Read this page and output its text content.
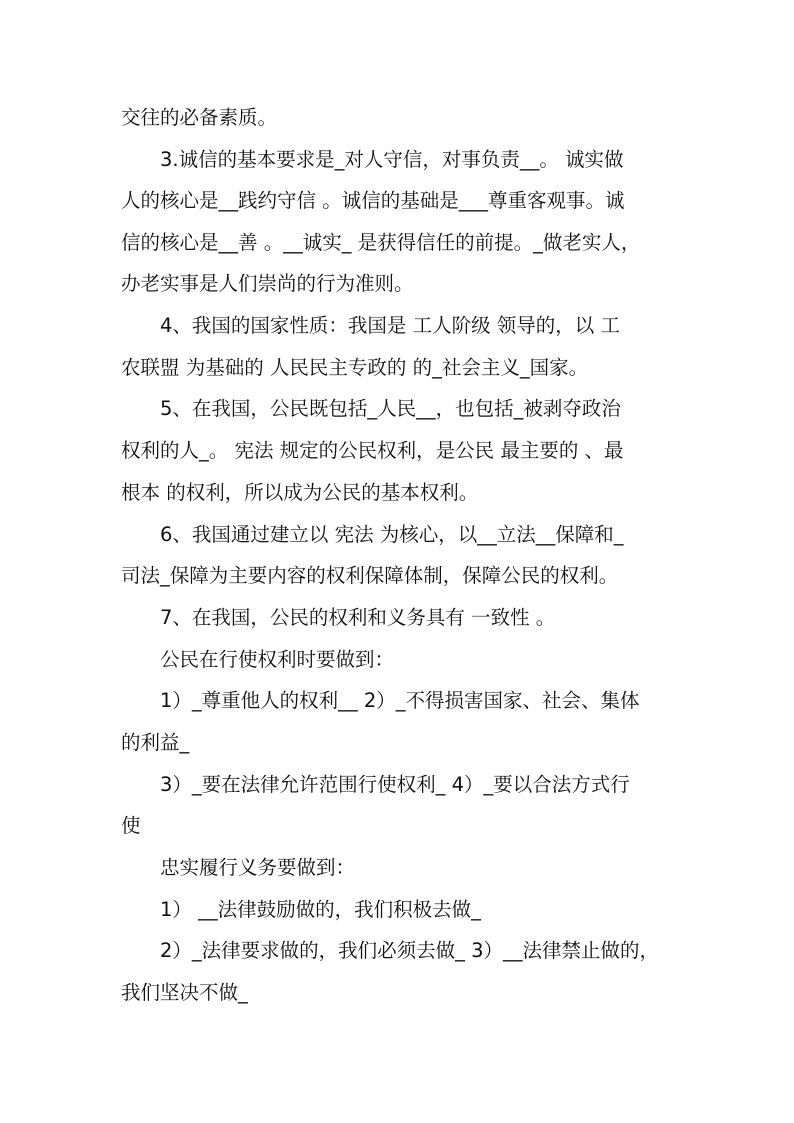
交往的必备素质。
3.诚信的基本要求是_对人守信，对事负责__。 诚实做
人的核心是__践约守信 。诚信的基础是___尊重客观事。诚
信的核心是__善 。__诚实_ 是获得信任的前提。_做老实人，
办老实事是人们崇尚的行为准则。
4、我国的国家性质：我国是 工人阶级 领导的，以 工
农联盟 为基础的 人民民主专政的 的_社会主义_国家。
5、在我国，公民既包括_人民__，也包括_被剥夺政治
权利的人_。 宪法 规定的公民权利，是公民 最主要的 、最
根本 的权利，所以成为公民的基本权利。
6、我国通过建立以 宪法 为核心，以__立法__保障和_
司法_保障为主要内容的权利保障体制，保障公民的权利。
7、在我国，公民的权利和义务具有 一致性 。
公民在行使权利时要做到：
1）_尊重他人的权利__ 2）_不得损害国家、社会、集体
的利益_
3）_要在法律允许范围行使权利_ 4）_要以合法方式行
使
忠实履行义务要做到：
1） __法律鼓励做的，我们积极去做_
2）_法律要求做的，我们必须去做_ 3）__法律禁止做的，
我们坚决不做_
